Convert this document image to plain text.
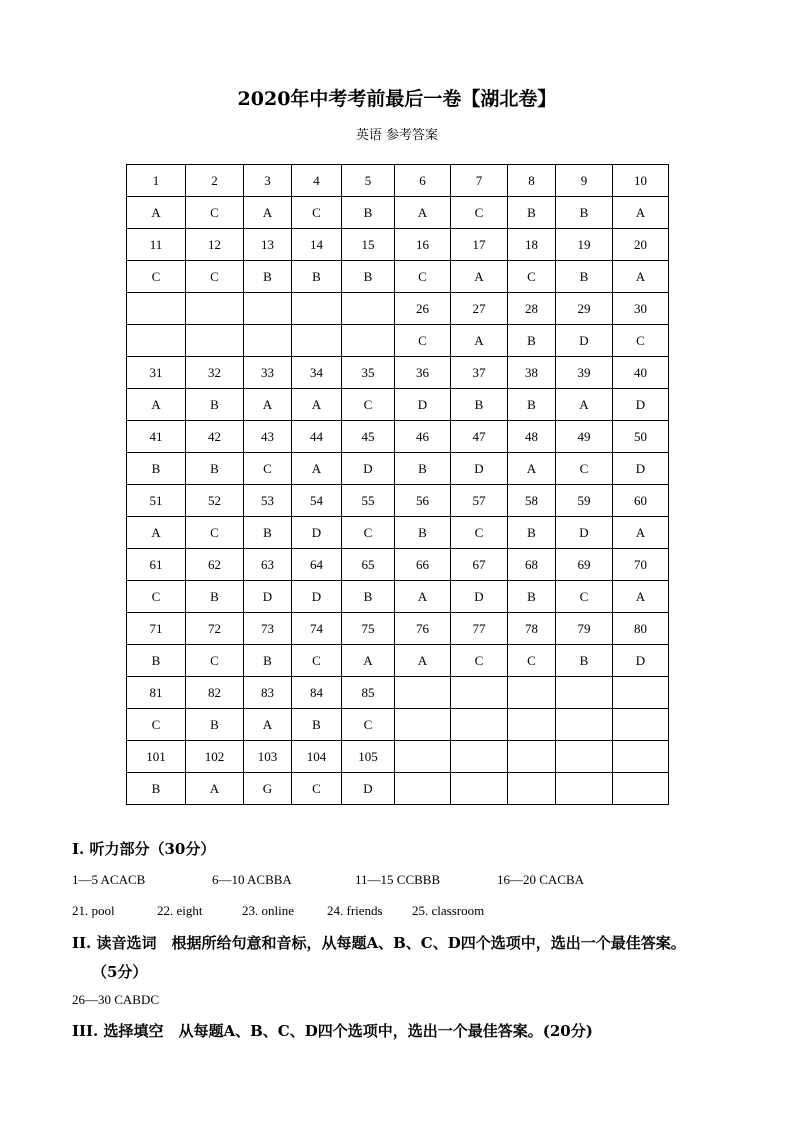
2020年中考考前最后一卷【湖北卷】
英语 参考答案
1	2	3	4	5	6	7	8	9	10
A	C	A	C	B	A	C	B	B	A
11	12	13	14	15	16	17	18	19	20
C	C	B	B	B	C	A	C	B	A
					26	27	28	29	30
					C	A	B	D	C
31	32	33	34	35	36	37	38	39	40
A	B	A	A	C	D	B	B	A	D
41	42	43	44	45	46	47	48	49	50
B	B	C	A	D	B	D	A	C	D
51	52	53	54	55	56	57	58	59	60
A	C	B	D	C	B	C	B	D	A
61	62	63	64	65	66	67	68	69	70
C	B	D	D	B	A	D	B	C	A
71	72	73	74	75	76	77	78	79	80
B	C	B	C	A	A	C	C	B	D
81	82	83	84	85					
C	B	A	B	C					
101	102	103	104	105					
B	A	G	C	D					
I. 听力部分（30分）
1—5 ACACB	6—10 ACBBA	11—15 CCBBB	16—20 CACBA
21. pool	22. eight	23. online	24. friends 25. classroom
II. 读音选词　根据所给句意和音标，从每题A、B、C、D四个选项中，选出一个最佳答案。
（5分）
26—30 CABDC
III. 选择填空　从每题A、B、C、D四个选项中，选出一个最佳答案。(20分)
